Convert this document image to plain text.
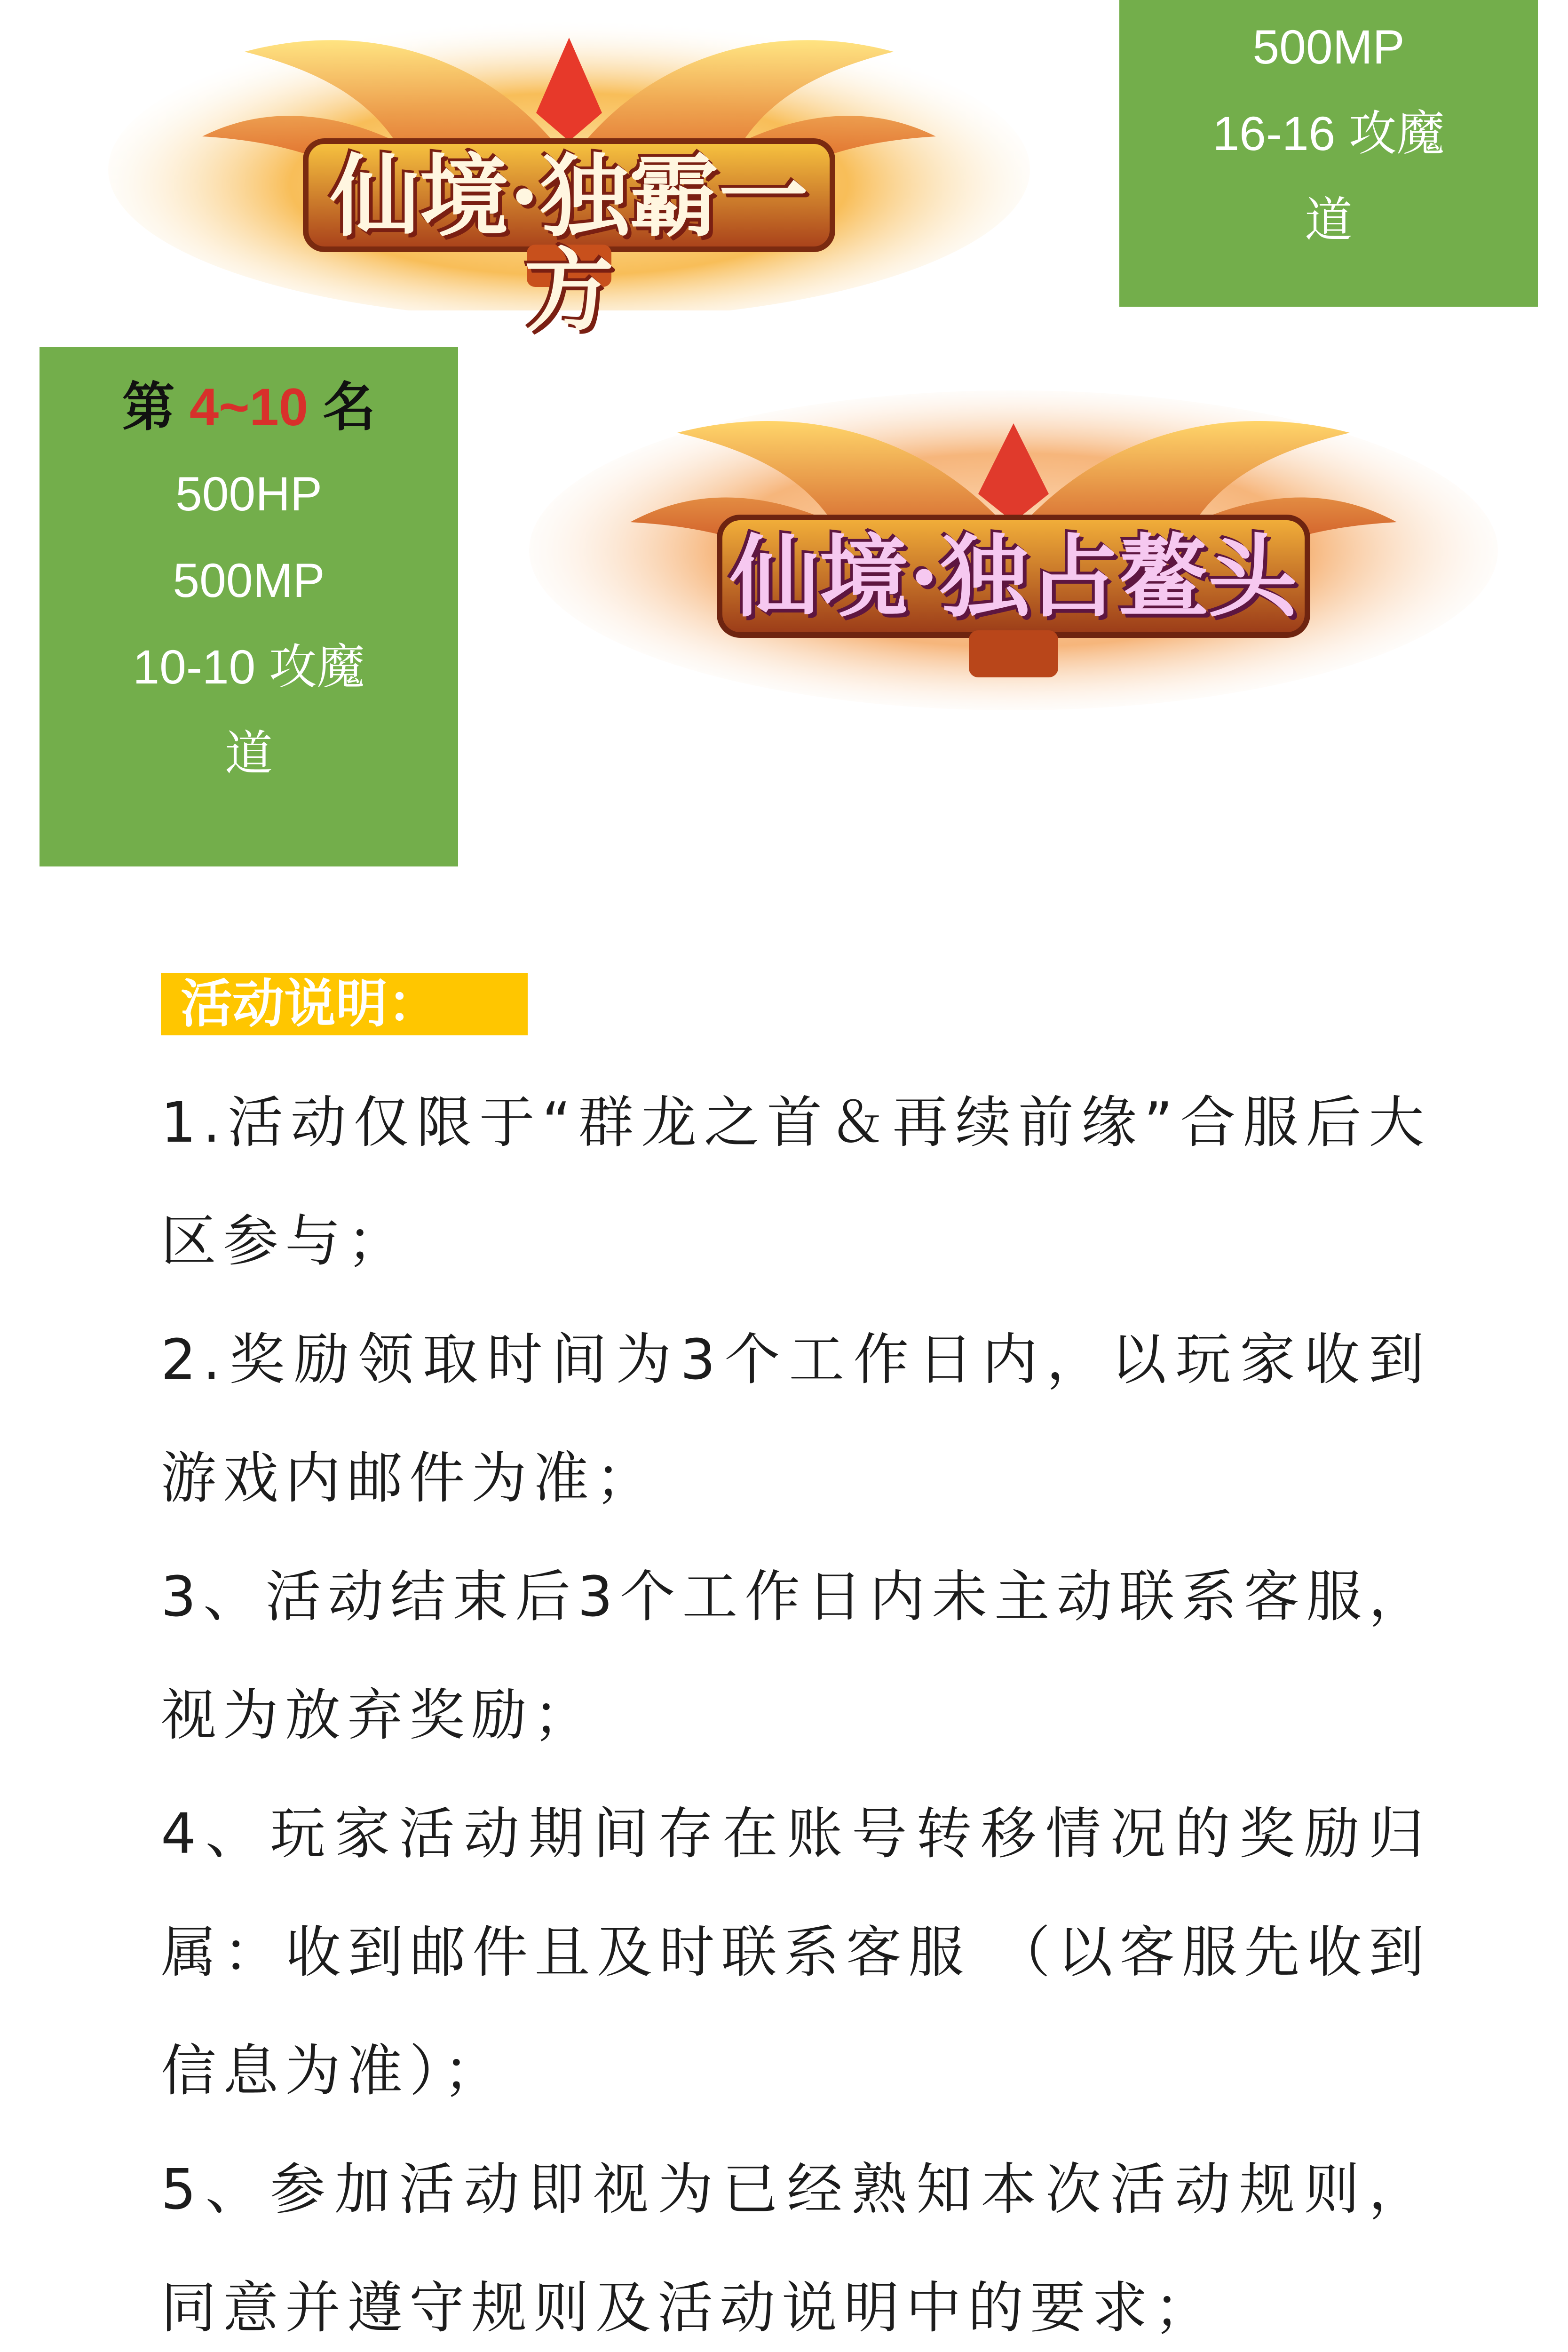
仙境·独霸一方
500MP
16-16 攻魔
道
第 4~10 名
500HP
500MP
10-10 攻魔
道
仙境·独占鳌头
活动说明：

1.活动仅限于“群龙之首＆再续前缘”合服后大区参与；

2.奖励领取时间为3个工作日内，以玩家收到游戏内邮件为准；

3、活动结束后3个工作日内未主动联系客服，视为放弃奖励；

4、玩家活动期间存在账号转移情况的奖励归属：收到邮件且及时联系客服 （以客服先收到信息为准）；

5、参加活动即视为已经熟知本次活动规则，同意并遵守规则及活动说明中的要求；
